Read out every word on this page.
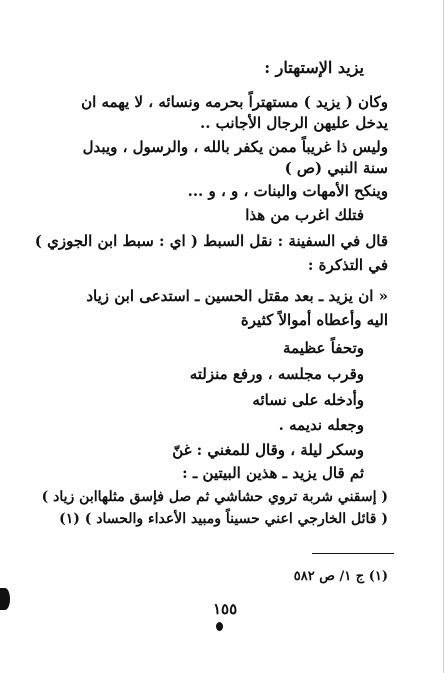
يزيد الإستهتار :
وكان ( يزيد ) مستهتراً بحرمه ونسائه ، لا يهمه ان
يدخل عليهن الرجال الأجانب ..
وليس ذا غريباً ممن يكفر بالله ، والرسول ، ويبدل
سنة النبي (ص )
وينكح الأمهات والبنات ، و ، و ...
فتلك اغرب من هذا
قال في السفينة : نقل السبط ( اي : سبط ابن الجوزي )
في التذكرة :
« ان يزيد ـ بعد مقتل الحسين ـ استدعى ابن زياد
اليه وأعطاه أموالاً كثيرة
وتحفاً عظيمة
وقرب مجلسه ، ورفع منزلته
وأدخله على نسائه
وجعله نديمه .
وسكر ليلة ، وقال للمغني : غنّ
ثم قال يزيد ـ هذين البيتين ـ :
( إسقني شربة تروي حشاشي ثم صل فإسق مثلهاابن زياد )
( قائل الخارجي اعني حسيناً ومبيد الأعداء والحساد ) (١)
(١) ج ١/ ص ٥٨٢
١٥٥
